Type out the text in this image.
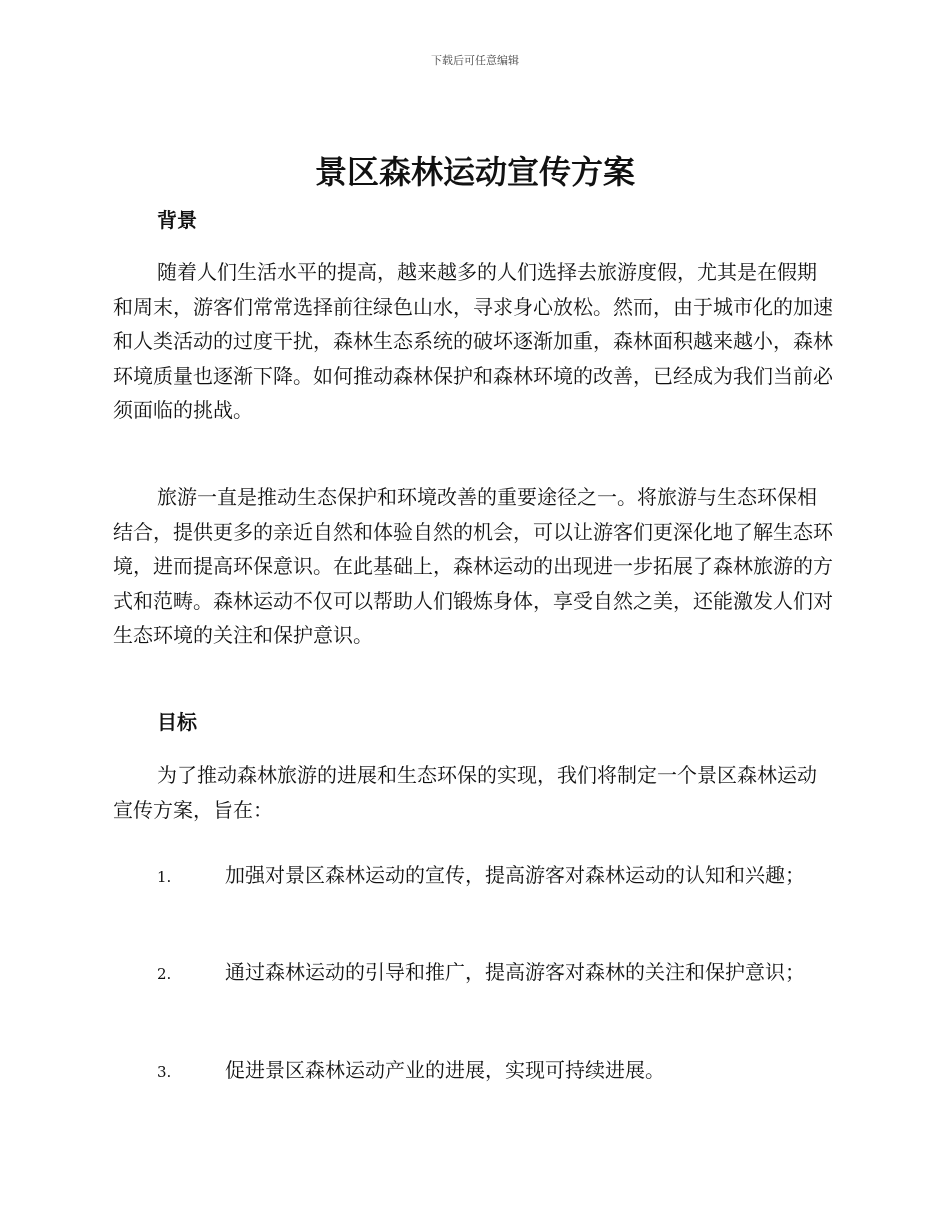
下载后可任意编辑
景区森林运动宣传方案
背景

随着人们生活水平的提高，越来越多的人们选择去旅游度假，尤其是在假期和周末，游客们常常选择前往绿色山水，寻求身心放松。然而，由于城市化的加速和人类活动的过度干扰，森林生态系统的破坏逐渐加重，森林面积越来越小，森林环境质量也逐渐下降。如何推动森林保护和森林环境的改善，已经成为我们当前必须面临的挑战。

旅游一直是推动生态保护和环境改善的重要途径之一。将旅游与生态环保相结合，提供更多的亲近自然和体验自然的机会，可以让游客们更深化地了解生态环境，进而提高环保意识。在此基础上，森林运动的出现进一步拓展了森林旅游的方式和范畴。森林运动不仅可以帮助人们锻炼身体，享受自然之美，还能激发人们对生态环境的关注和保护意识。

目标

为了推动森林旅游的进展和生态环保的实现，我们将制定一个景区森林运动宣传方案，旨在：

1.	加强对景区森林运动的宣传，提高游客对森林运动的认知和兴趣；
2.	通过森林运动的引导和推广，提高游客对森林的关注和保护意识；
3.	促进景区森林运动产业的进展，实现可持续进展。
